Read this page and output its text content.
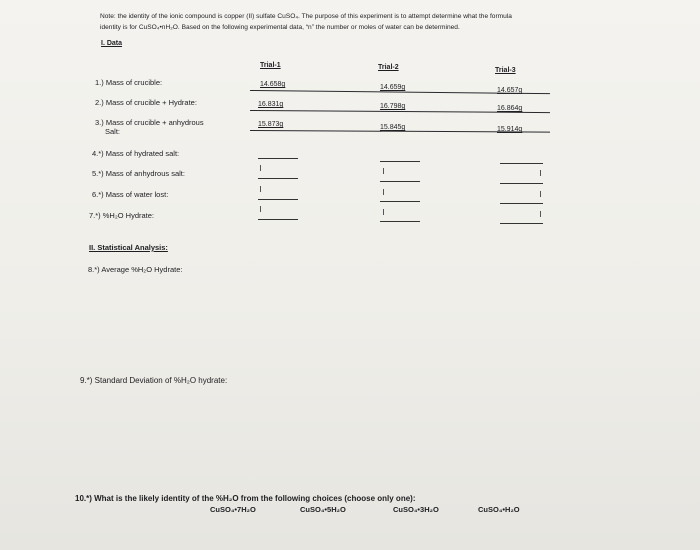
Note: the identity of the ionic compound is copper (II) sulfate CuSO₄. The purpose of this experiment is to attempt determine what the formula
identity is for CuSO₄•nH₂O. Based on the following experimental data, “n” the number or moles of water can be determined.
I. Data
Trial-1	Trial-2	Trial-3
1.) Mass of crucible:	14.658g	14.659g	14.657g
2.) Mass of crucible + Hydrate:	16.831g	16.798g	16.864g
3.) Mass of crucible + anhydrous
Salt:
15.873g	15.845g	15.914g
4.*) Mass of hydrated salt:
5.*) Mass of anhydrous salt:
6.*) Mass of water lost:
7.*) %H₂O Hydrate:
II. Statistical Analysis:
8.*) Average %H₂O Hydrate:
9.*) Standard Deviation of %H₂O hydrate:
10.*) What is the likely identity of the %H₂O from the following choices (choose only one):
CuSO₄•7H₂O	CuSO₄•5H₂O	CuSO₄•3H₂O	CuSO₄•H₂O
